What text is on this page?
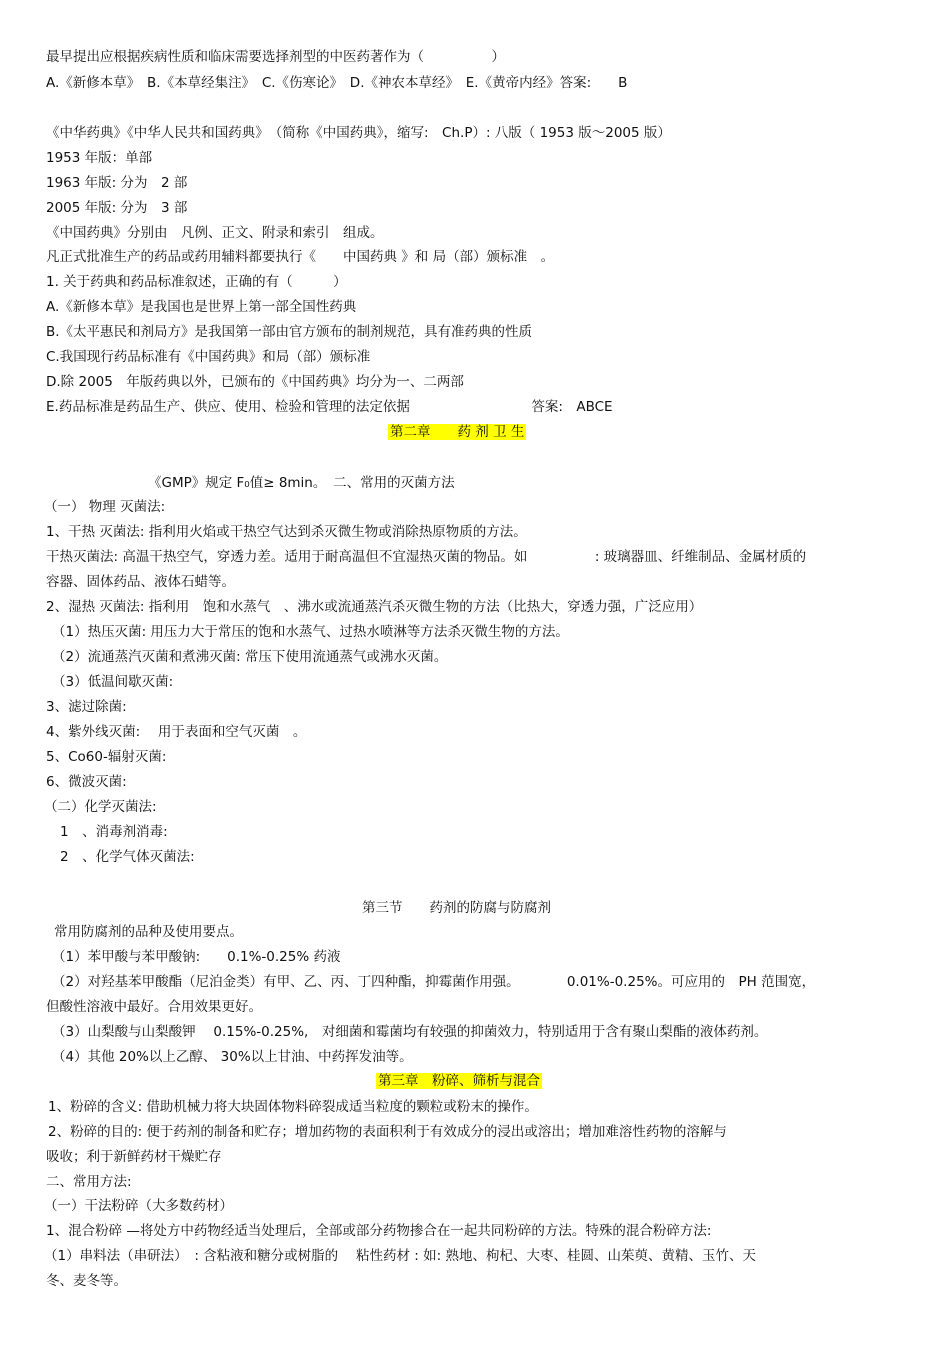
最早提出应根据疾病性质和临床需要选择剂型的中医药著作为（　　　　　）
A.《新修本草》　B.《本草经集注》　C.《伤寒论》　D.《神农本草经》　E.《黄帝内经》答案:　　B
《中华药典》《中华人民共和国药典》　（简称《中国药典》，缩写:　Ch.P）: 八版（ 1953 版～2005 版）
1953 年版：单部
1963 年版: 分为　2 部
2005 年版: 分为　3 部
《中国药典》分别由　凡例、正文、附录和索引　组成。
凡正式批准生产的药品或药用辅料都要执行《　　中国药典 》和 局（部）颁标准　。
1. 关于药典和药品标准叙述，正确的有（　　　）
A.《新修本草》是我国也是世界上第一部全国性药典
B.《太平惠民和剂局方》是我国第一部由官方颁布的制剂规范，具有准药典的性质
C.我国现行药品标准有《中国药典》和局（部）颁标准
D.除 2005　年版药典以外，已颁布的《中国药典》均分为一、二两部
E.药品标准是药品生产、供应、使用、检验和管理的法定依据　　　　　　　　　答案:　ABCE
第二章　　药 剂 卫 生
《GMP》规定 F₀值≥ 8min。　二、常用的灭菌方法
（一） 物理 灭菌法:
1、干热 灭菌法: 指利用火焰或干热空气达到杀灭微生物或消除热原物质的方法。
干热灭菌法: 高温干热空气，穿透力差。适用于耐高温但不宜湿热灭菌的物品。如　　　　　: 玻璃器皿、纤维制品、金属材质的
容器、固体药品、液体石蜡等。
2、湿热 灭菌法: 指利用　饱和水蒸气　、沸水或流通蒸汽杀灭微生物的方法（比热大，穿透力强，广泛应用）
（1）热压灭菌: 用压力大于常压的饱和水蒸气、过热水喷淋等方法杀灭微生物的方法。
（2）流通蒸汽灭菌和煮沸灭菌: 常压下使用流通蒸气或沸水灭菌。
（3）低温间歇灭菌:
3、滤过除菌:
4、紫外线灭菌:　 用于表面和空气灭菌　。
5、Co60-辐射灭菌:
6、微波灭菌:
（二）化学灭菌法:
1　、消毒剂消毒:
2　、化学气体灭菌法:
第三节　　药剂的防腐与防腐剂
常用防腐剂的品种及使用要点。
（1）苯甲酸与苯甲酸钠:　　0.1%-0.25% 药液
（2）对羟基苯甲酸酯（尼泊金类）有甲、乙、丙、丁四种酯，抑霉菌作用强。　　　　0.01%-0.25%。可应用的　PH 范围宽，
但酸性溶液中最好。合用效果更好。
（3）山梨酸与山梨酸钾　 0.15%-0.25%,　对细菌和霉菌均有较强的抑菌效力，特别适用于含有聚山梨酯的液体药剂。
（4）其他 20%以上乙醇、 30%以上甘油、中药挥发油等。
第三章　粉碎、筛析与混合
1、粉碎的含义: 借助机械力将大块固体物料碎裂成适当粒度的颗粒或粉末的操作。
2、粉碎的目的: 便于药剂的制备和贮存；增加药物的表面积利于有效成分的浸出或溶出；增加难溶性药物的溶解与
吸收；利于新鲜药材干燥贮存
二、常用方法:
（一）干法粉碎（大多数药材）
1、混合粉碎 —将处方中药物经适当处理后，全部或部分药物掺合在一起共同粉碎的方法。特殊的混合粉碎方法:
（1）串料法（串研法）　: 含粘液和糖分或树脂的　 粘性药材 : 如: 熟地、枸杞、大枣、桂圆、山茱萸、黄精、玉竹、天
冬、麦冬等。
